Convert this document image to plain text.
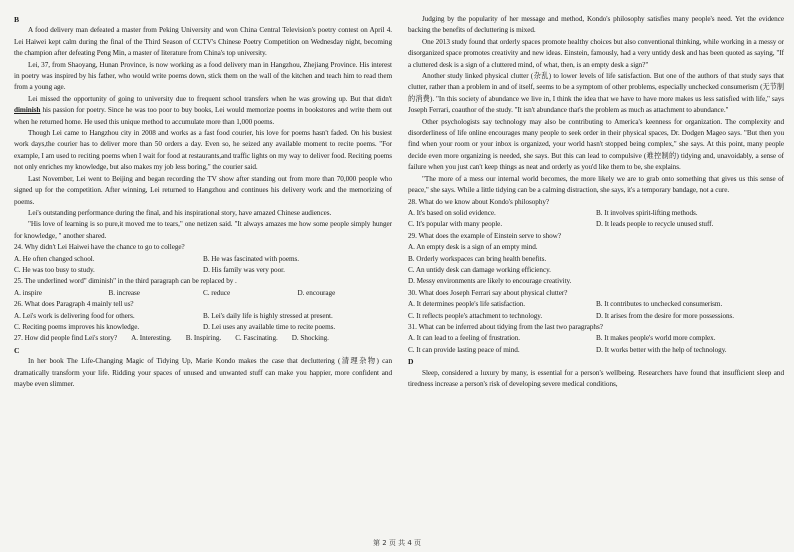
B

A food delivery man defeated a master from Peking University and won China Central Television's poetry contest on April 4. Lei Haiwei kept calm during the final of the Third Season of CCTV's Chinese Poetry Competition on Wednesday night, becoming the champion after defeating Peng Min, a master of literature from China's top university.

Lei, 37, from Shaoyang, Hunan Province, is now working as a food delivery man in Hangzhou, Zhejiang Province. His interest in poetry was inspired by his father, who would write poems down, stick them on the wall of the kitchen and teach him to read them from a young age.

Lei missed the opportunity of going to university due to frequent school transfers when he was growing up. But that didn't diminish his passion for poetry. Since he was too poor to buy books, Lei would memorize poems in bookstores and write them out when he returned home. He used this unique method to accumulate more than 1,000 poems.

Though Lei came to Hangzhou city in 2008 and works as a fast food courier, his love for poems hasn't faded. On his busiest work days,the courier has to deliver more than 50 orders a day. Even so, he seized any available moment to recite poems. "For example, I am used to reciting poems when I wait for food at restaurants,and traffic lights on my way to deliver food. Reciting poems not only enriches my knowledge, but also makes my job less boring," the courier said.

Last November, Lei went to Beijing and began recording the TV show after standing out from more than 70,000 people who signed up for the competition. After winning, Lei returned to Hangzhou and continues his delivery work and the memorizing of poems.

Lei's outstanding performance during the final, and his inspirational story, have amazed Chinese audiences.

"His love of learning is so pure,it moved me to tears," one netizen said. "It always amazes me how some people simply hunger for knowledge, " another shared.

24. Why didn't Lei Haiwei have the chance to go to college?

A. He often changed school.	B. He was fascinated with poems.
C. He was too busy to study.	D. His family was very poor.

25. The underlined word" diminish" in the third paragraph can be replaced by .

A. inspire	B. increase	C. reduce	D. encourage

26. What does Paragraph 4 mainly tell us?

A. Lei's work is delivering food for others.	B. Lei's daily life is highly stressed at present.
C. Reciting poems improves his knowledge.	D. Lei uses any available time to recite poems.
27. How did people find Lei's story? A. Interesting. B. Inspiring. C. Fascinating. D. Shocking.

C

In her book The Life-Changing Magic of Tidying Up, Marie Kondo makes the case that decluttering (清理杂物) can dramatically transform your life. Ridding your spaces of unused and unwanted stuff can make you happier, more confident and maybe even slimmer.

Judging by the popularity of her message and method, Kondo's philosophy satisfies many people's need. Yet the evidence backing the benefits of decluttering is mixed.

One 2013 study found that orderly spaces promote healthy choices but also conventional thinking, while working in a messy or disorganized space promotes creativity and new ideas. Einstein, famously, had a very untidy desk and has been quoted as saying, "If a cluttered desk is a sign of a cluttered mind, of what, then, is an empty desk a sign?"

Another study linked physical clutter (杂乱) to lower levels of life satisfaction. But one of the authors of that study says that clutter, rather than a problem in and of itself, seems to be a symptom of other problems, especially unchecked consumerism (无节制的消费). "In this society of abundance we live in, I think the idea that we have to have more makes us less satisfied with life," says Joseph Ferrari, coauthor of the study. "It isn't abundance that's the problem as much as attachment to abundance."

Other psychologists say technology may also be contributing to America's keenness for organization. The complexity and disorderliness of life online encourages many people to seek order in their physical spaces, Dr. Dodgen Mageo says. "But then you find when your room or your inbox is organized, your world hasn't stopped being complex," she says. At this point, many people decide even more organizing is needed, she says. But this can lead to compulsive (难控制的) tidying and, unavoidably, a sense of failure when you just can't keep things as neat and orderly as you'd like them to be, she explains.

"The more of a mess our internal world becomes, the more likely we are to grab onto something that gives us this sense of peace," she says. While a little tidying can be a calming distraction, she says, it's a temporary bandage, not a cure.

28. What do we know about Kondo's philosophy?

A. It's based on solid evidence.	B. It involves spirit-lifting methods.
C. It's popular with many people.	D. It leads people to recycle unused stuff.

29. What does the example of Einstein serve to show?

A. An empty desk is a sign of an empty mind.

B. Orderly workspaces can bring health benefits.

C. An untidy desk can damage working efficiency.

D. Messy environments are likely to encourage creativity.

30. What does Joseph Ferrari say about physical clutter?

A. It determines people's life satisfaction.	B. It contributes to unchecked consumerism.
C. It reflects people's attachment to technology.	D. It arises from the desire for more possessions.

31. What can be inferred about tidying from the last two paragraphs?

A. It can lead to a feeling of frustration.	B. It makes people's world more complex.
C. It can provide lasting peace of mind.	D. It works better with the help of technology.

D

Sleep, considered a luxury by many, is essential for a person's wellbeing. Researchers have found that insufficient sleep and tiredness increase a person's risk of developing severe medical conditions,

第 2 页 共 4 页
